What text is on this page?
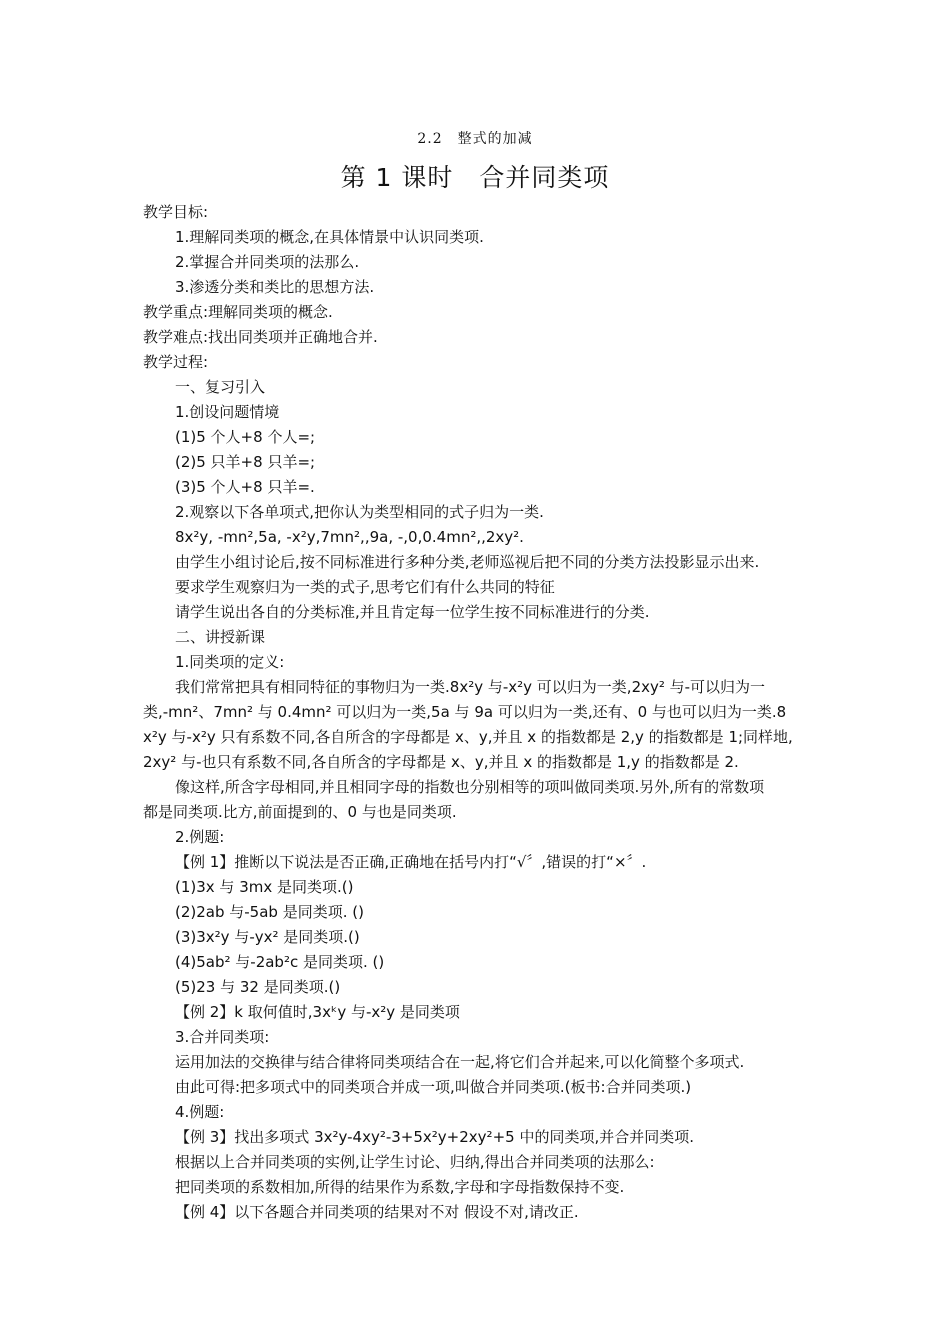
2.2　整式的加减
第 1 课时　合并同类项
教学目标:
1.理解同类项的概念,在具体情景中认识同类项.
2.掌握合并同类项的法那么.
3.渗透分类和类比的思想方法.
教学重点:理解同类项的概念.
教学难点:找出同类项并正确地合并.
教学过程:
一、复习引入
1.创设问题情境
(1)5 个人+8 个人=;
(2)5 只羊+8 只羊=;
(3)5 个人+8 只羊=.
2.观察以下各单项式,把你认为类型相同的式子归为一类.
8x²y, -mn²,5a, -x²y,7mn²,,9a, -,0,0.4mn²,,2xy².
由学生小组讨论后,按不同标准进行多种分类,老师巡视后把不同的分类方法投影显示出来.
要求学生观察归为一类的式子,思考它们有什么共同的特征
请学生说出各自的分类标准,并且肯定每一位学生按不同标准进行的分类.
二、讲授新课
1.同类项的定义:
我们常常把具有相同特征的事物归为一类.8x²y 与-x²y 可以归为一类,2xy² 与-可以归为一
类,-mn²、7mn² 与 0.4mn² 可以归为一类,5a 与 9a 可以归为一类,还有、0 与也可以归为一类.8
x²y 与-x²y 只有系数不同,各自所含的字母都是 x、y,并且 x 的指数都是 2,y 的指数都是 1;同样地,
2xy² 与-也只有系数不同,各自所含的字母都是 x、y,并且 x 的指数都是 1,y 的指数都是 2.
像这样,所含字母相同,并且相同字母的指数也分别相等的项叫做同类项.另外,所有的常数项
都是同类项.比方,前面提到的、0 与也是同类项.
2.例题:
【例 1】推断以下说法是否正确,正确地在括号内打“√〞,错误的打“×〞.
(1)3x 与 3mx 是同类项.()
(2)2ab 与-5ab 是同类项. ()
(3)3x²y 与-yx² 是同类项.()
(4)5ab² 与-2ab²c 是同类项. ()
(5)23 与 32 是同类项.()
【例 2】k 取何值时,3xᵏy 与-x²y 是同类项
3.合并同类项:
运用加法的交换律与结合律将同类项结合在一起,将它们合并起来,可以化简整个多项式.
由此可得:把多项式中的同类项合并成一项,叫做合并同类项.(板书:合并同类项.)
4.例题:
【例 3】找出多项式 3x²y-4xy²-3+5x²y+2xy²+5 中的同类项,并合并同类项.
根据以上合并同类项的实例,让学生讨论、归纳,得出合并同类项的法那么:
把同类项的系数相加,所得的结果作为系数,字母和字母指数保持不变.
【例 4】以下各题合并同类项的结果对不对 假设不对,请改正.
